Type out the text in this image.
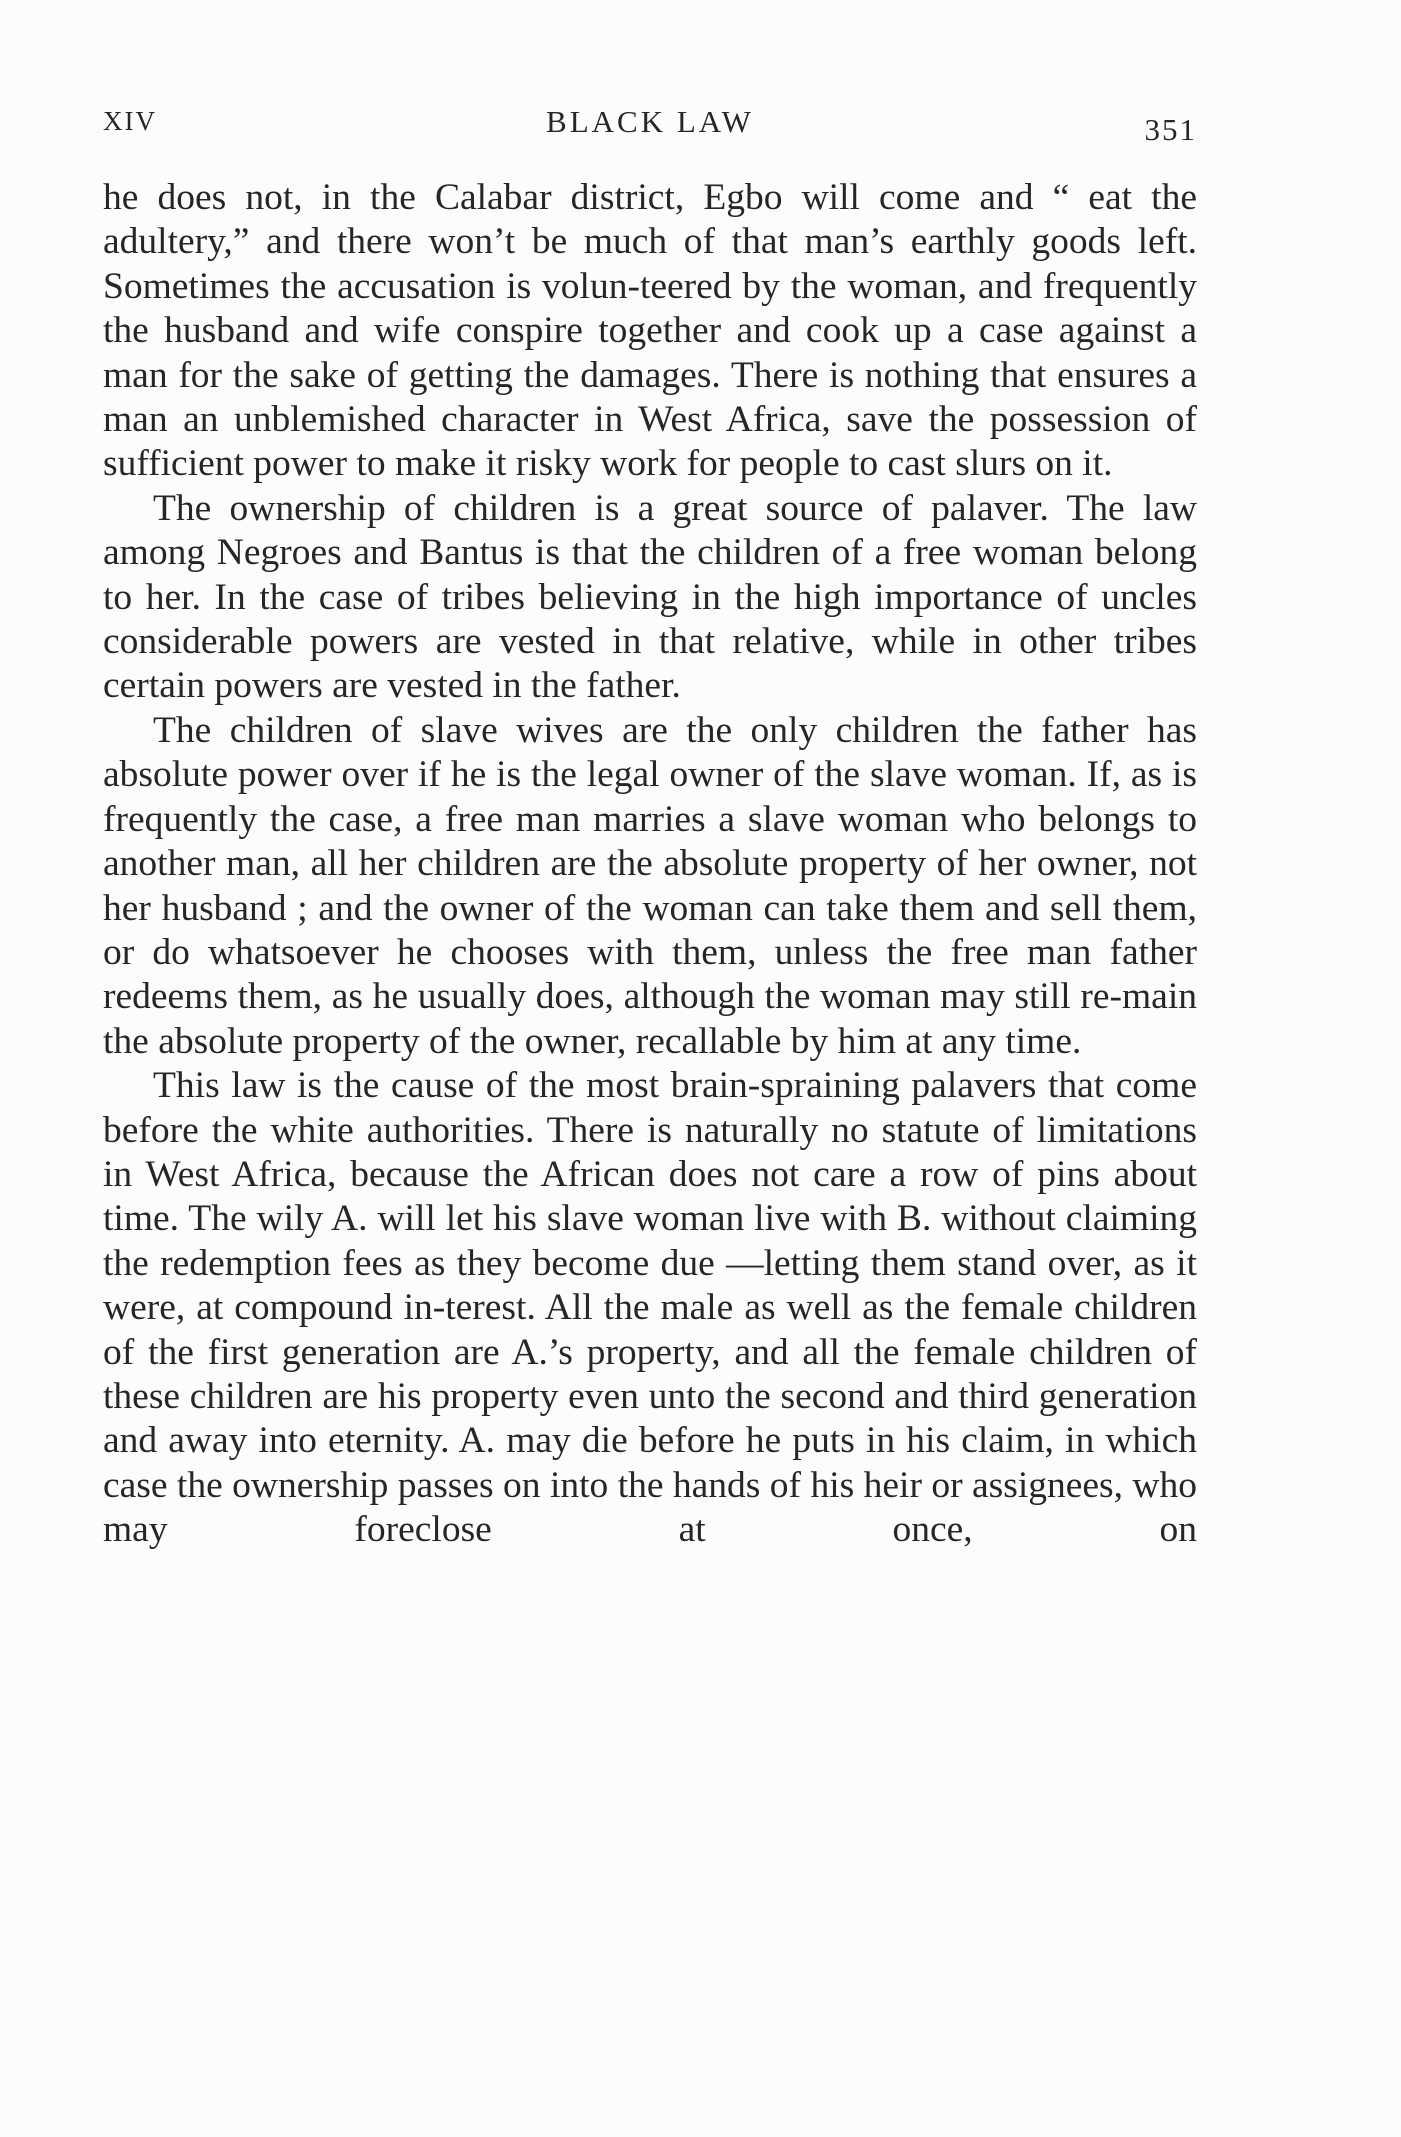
XIV	BLACK LAW	351

he does not, in the Calabar district, Egbo will come and “ eat the adultery,” and there won’t be much of that man’s earthly goods left. Sometimes the accusation is volun-teered by the woman, and frequently the husband and wife conspire together and cook up a case against a man for the sake of getting the damages. There is nothing that ensures a man an unblemished character in West Africa, save the possession of sufficient power to make it risky work for people to cast slurs on it.

The ownership of children is a great source of palaver. The law among Negroes and Bantus is that the children of a free woman belong to her. In the case of tribes believing in the high importance of uncles considerable powers are vested in that relative, while in other tribes certain powers are vested in the father.

The children of slave wives are the only children the father has absolute power over if he is the legal owner of the slave woman. If, as is frequently the case, a free man marries a slave woman who belongs to another man, all her children are the absolute property of her owner, not her husband ; and the owner of the woman can take them and sell them, or do whatsoever he chooses with them, unless the free man father redeems them, as he usually does, although the woman may still re-main the absolute property of the owner, recallable by him at any time.

This law is the cause of the most brain-spraining palavers that come before the white authorities. There is naturally no statute of limitations in West Africa, because the African does not care a row of pins about time. The wily A. will let his slave woman live with B. without claiming the redemption fees as they become due —letting them stand over, as it were, at compound in-terest. All the male as well as the female children of the first generation are A.’s property, and all the female children of these children are his property even unto the second and third generation and away into eternity. A. may die before he puts in his claim, in which case the ownership passes on into the hands of his heir or assignees, who may foreclose at once, on
